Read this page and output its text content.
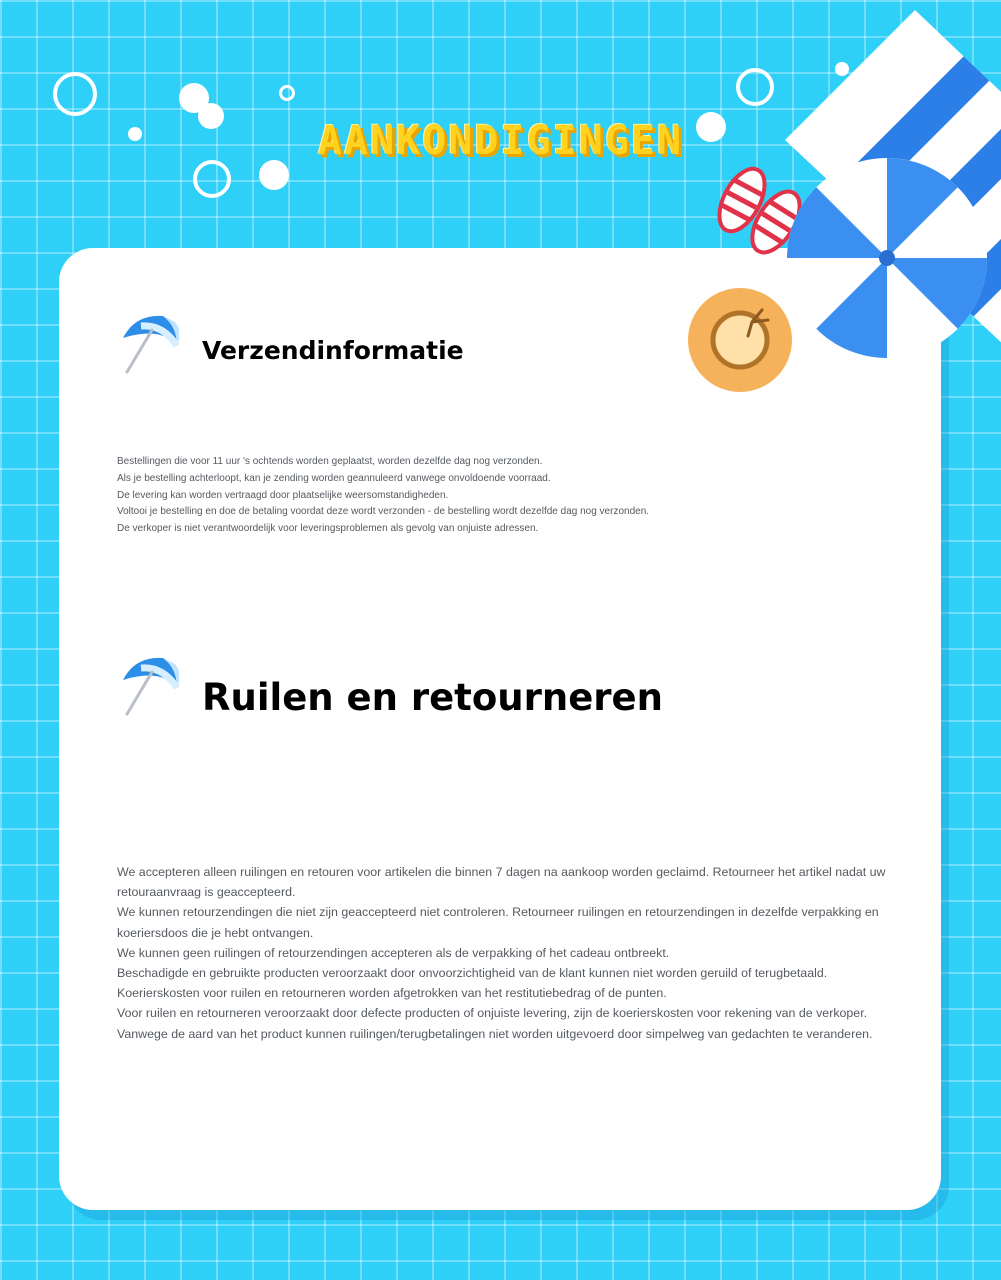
AANKONDIGINGEN
Verzendinformatie

Bestellingen die voor 11 uur 's ochtends worden geplaatst, worden dezelfde dag nog verzonden.

Als je bestelling achterloopt, kan je zending worden geannuleerd vanwege onvoldoende voorraad.

De levering kan worden vertraagd door plaatselijke weersomstandigheden.

Voltooi je bestelling en doe de betaling voordat deze wordt verzonden - de bestelling wordt dezelfde dag nog verzonden.

De verkoper is niet verantwoordelijk voor leveringsproblemen als gevolg van onjuiste adressen.

Ruilen en retourneren

We accepteren alleen ruilingen en retouren voor artikelen die binnen 7 dagen na aankoop worden geclaimd. Retourneer het artikel nadat uw retouraanvraag is geaccepteerd.

We kunnen retourzendingen die niet zijn geaccepteerd niet controleren. Retourneer ruilingen en retourzendingen in dezelfde verpakking en koeriersdoos die je hebt ontvangen.

We kunnen geen ruilingen of retourzendingen accepteren als de verpakking of het cadeau ontbreekt.

Beschadigde en gebruikte producten veroorzaakt door onvoorzichtigheid van de klant kunnen niet worden geruild of terugbetaald.

Koerierskosten voor ruilen en retourneren worden afgetrokken van het restitutiebedrag of de punten.

Voor ruilen en retourneren veroorzaakt door defecte producten of onjuiste levering, zijn de koerierskosten voor rekening van de verkoper.

Vanwege de aard van het product kunnen ruilingen/terugbetalingen niet worden uitgevoerd door simpelweg van gedachten te veranderen.
